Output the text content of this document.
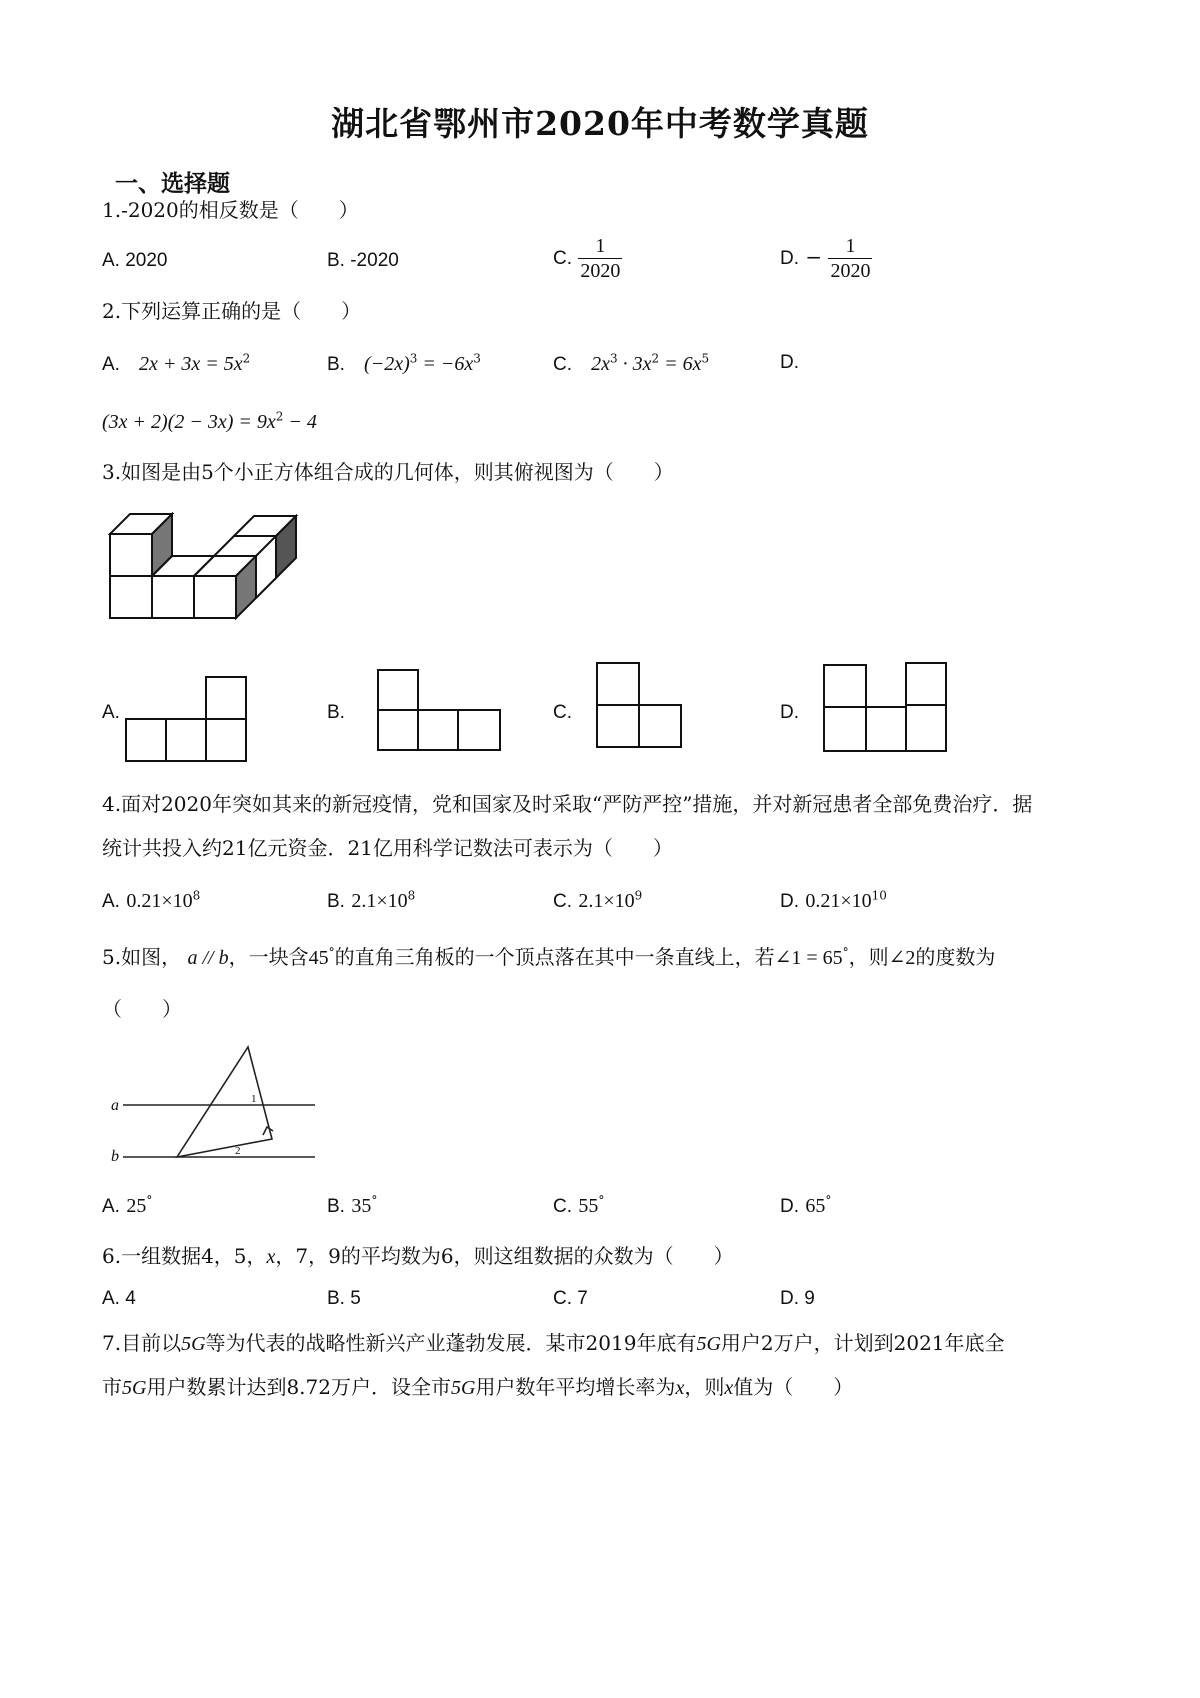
湖北省鄂州市2020年中考数学真题
一、选择题
1.-2020的相反数是（　　）
A. 2020	B. -2020	C. $\frac{1}{2020}$	D. − $\frac{1}{2020}$
2.下列运算正确的是（　　）
A. $2x + 3x = 5x^2$	B. $(-2x)^3 = -6x^3$	C. $2x^3 \cdot 3x^2 = 6x^5$	D.
$(3x + 2)(2 - 3x) = 9x^2 - 4$
3.如图是由5个小正方体组合成的几何体，则其俯视图为（　　）
A.	B.	C.	D.
4.面对2020年突如其来的新冠疫情，党和国家及时采取“严防严控”措施，并对新冠患者全部免费治疗．据
统计共投入约21亿元资金．21亿用科学记数法可表示为（　　）
A. $0.21\times 10^8$	B. $2.1\times 10^8$	C. $2.1\times 10^9$	D. $0.21\times 10^{10}$
5.如图， a // b，一块含45°的直角三角板的一个顶点落在其中一条直线上，若∠1 = 65°，则∠2的度数为
（　　）
a
b
1
2
A. 25°	B. 35°	C. 55°	D. 65°
6.一组数据4，5，x，7，9的平均数为6，则这组数据的众数为（　　）
A. 4	B. 5	C. 7	D. 9
7.目前以5G等为代表的战略性新兴产业蓬勃发展．某市2019年底有5G用户2万户，计划到2021年底全
市5G用户数累计达到8.72万户．设全市5G用户数年平均增长率为x，则x值为（　　）
